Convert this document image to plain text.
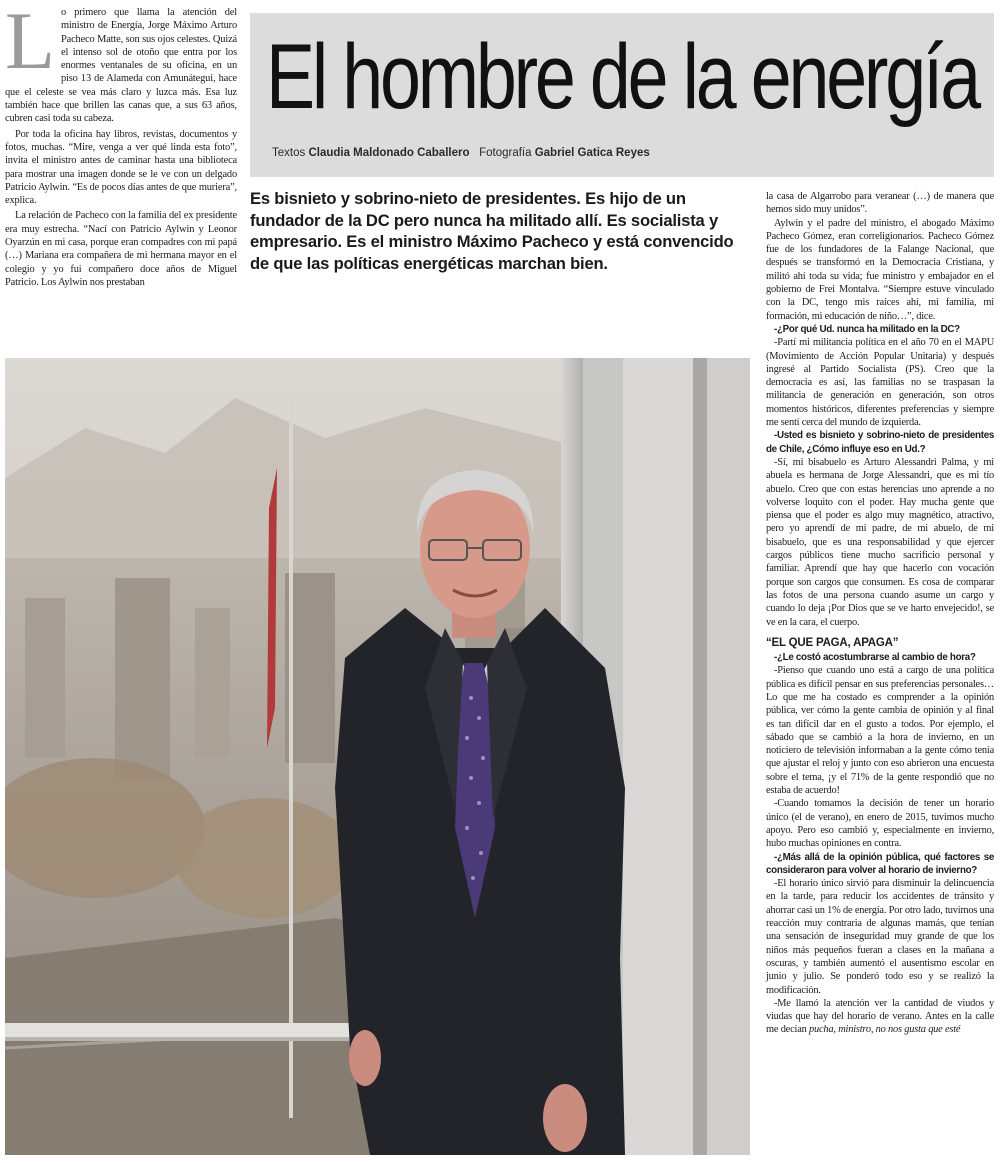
L o primero que llama la atención del ministro de Energía, Jorge Máximo Arturo Pacheco Matte, son sus ojos celestes. Quizá el intenso sol de otoño que entra por los enormes ventanales de su oficina, en un piso 13 de Alameda con Amunátegui, hace que el celeste se vea más claro y luzca más. Esa luz también hace que brillen las canas que, a sus 63 años, cubren casi toda su cabeza.

Por toda la oficina hay libros, revistas, documentos y fotos, muchas. “Mire, venga a ver qué linda esta foto”, invita el ministro antes de caminar hasta una biblioteca para mostrar una imagen donde se le ve con un delgado Patricio Aylwin. “Es de pocos días antes de que muriera”, explica.

La relación de Pacheco con la familia del ex presidente era muy estrecha. “Nací con Patricio Aylwin y Leonor Oyarzún en mi casa, porque eran compadres con mi papá (…) Mariana era compañera de mi hermana mayor en el colegio y yo fui compañero doce años de Miguel Patricio. Los Aylwin nos prestaban

El hombre de la energía
Textos Claudia Maldonado Caballero Fotografía Gabriel Gatica Reyes
Es bisnieto y sobrino-nieto de presidentes. Es hijo de un fundador de la DC pero nunca ha militado allí. Es socialista y empresario. Es el ministro Máximo Pacheco y está convencido de que las políticas energéticas marchan bien.

la casa de Algarrobo para veranear (…) de manera que hemos sido muy unidos”.

Aylwin y el padre del ministro, el abogado Máximo Pacheco Gómez, eran correligionarios. Pacheco Gómez fue de los fundadores de la Falange Nacional, que después se transformó en la Democracia Cristiana, y militó ahí toda su vida; fue ministro y embajador en el gobierno de Frei Montalva. “Siempre estuve vinculado con la DC, tengo mis raíces ahí, mi familia, mi formación, mi educación de niño…”, dice.

-¿Por qué Ud. nunca ha militado en la DC?

-Partí mi militancia política en el año 70 en el MAPU (Movimiento de Acción Popular Unitaria) y después ingresé al Partido Socialista (PS). Creo que la democracia es así, las familias no se traspasan la militancia de generación en generación, son otros momentos históricos, diferentes preferencias y siempre me sentí cerca del mundo de izquierda.

-Usted es bisnieto y sobrino-nieto de presidentes de Chile, ¿Cómo influye eso en Ud.?

-Sí, mi bisabuelo es Arturo Alessandri Palma, y mi abuela es hermana de Jorge Alessandri, que es mi tío abuelo. Creo que con estas herencias uno aprende a no volverse loquito con el poder. Hay mucha gente que piensa que el poder es algo muy magnético, atractivo, pero yo aprendí de mi padre, de mi abuelo, de mi bisabuelo, que es una responsabilidad y que ejercer cargos públicos tiene mucho sacrificio personal y familiar. Aprendí que hay que hacerlo con vocación porque son cargos que consumen. Es cosa de comparar las fotos de una persona cuando asume un cargo y cuando lo deja ¡Por Dios que se ve harto envejecido!, se ve en la cara, el cuerpo.

“EL QUE PAGA, APAGA”

-¿Le costó acostumbrarse al cambio de hora?

-Pienso que cuando uno está a cargo de una política pública es difícil pensar en sus preferencias personales… Lo que me ha costado es comprender a la opinión pública, ver cómo la gente cambia de opinión y al final es tan difícil dar en el gusto a todos. Por ejemplo, el sábado que se cambió a la hora de invierno, en un noticiero de televisión informaban a la gente cómo tenía que ajustar el reloj y junto con eso abrieron una encuesta sobre el tema, ¡y el 71% de la gente respondió que no estaba de acuerdo!

-Cuando tomamos la decisión de tener un horario único (el de verano), en enero de 2015, tuvimos mucho apoyo. Pero eso cambió y, especialmente en invierno, hubo muchas opiniones en contra.

-¿Más allá de la opinión pública, qué factores se consideraron para volver al horario de invierno?

-El horario único sirvió para disminuir la delincuencia en la tarde, para reducir los accidentes de tránsito y ahorrar casi un 1% de energía. Por otro lado, tuvimos una reacción muy contraria de algunas mamás, que tenían una sensación de inseguridad muy grande de que los niños más pequeños fueran a clases en la mañana a oscuras, y también aumentó el ausentismo escolar en junio y julio. Se ponderó todo eso y se realizó la modificación.

-Me llamó la atención ver la cantidad de viudos y viudas que hay del horario de verano. Antes en la calle me decían pucha, ministro, no nos gusta que esté
